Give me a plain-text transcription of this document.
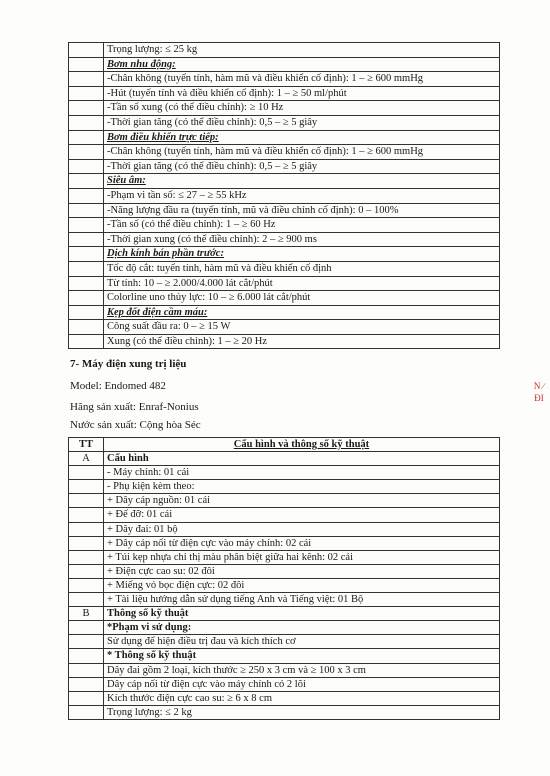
	Trọng lượng: ≤ 25 kg
	Bơm nhu động:
	-Chân không (tuyến tính, hàm mũ và điều khiển cố định): 1 – ≥ 600 mmHg
	-Hút (tuyến tính và điều khiển cố định): 1 – ≥ 50 ml/phút
	-Tần số xung (có thể điều chỉnh): ≥ 10 Hz
	-Thời gian tăng (có thể điều chỉnh): 0,5 – ≥ 5 giây
	Bơm điều khiển trực tiếp:
	-Chân không (tuyến tính, hàm mũ và điều khiển cố định): 1 – ≥ 600 mmHg
	-Thời gian tăng (có thể điều chỉnh): 0,5 – ≥ 5 giây
	Siêu âm:
	-Phạm vi tần số: ≤ 27 – ≥ 55 kHz
	-Năng lượng đầu ra (tuyến tính, mũ và điều chỉnh cố định): 0 – 100%
	-Tần số (có thể điều chỉnh): 1 – ≥ 60 Hz
	-Thời gian xung (có thể điều chỉnh): 2 – ≥ 900 ms
	Dịch kính bán phần trước:
	Tốc độ cắt: tuyến tính, hàm mũ và điều khiển cố định
	Từ tính: 10 – ≥ 2.000/4.000 lát cắt/phút
	Colorline uno thủy lực: 10 – ≥ 6.000 lát cắt/phút
	Kẹp đốt điện cầm máu:
	Công suất đầu ra: 0 – ≥ 15 W
	Xung (có thể điều chỉnh): 1 – ≥ 20 Hz
7- Máy điện xung trị liệu
Model: Endomed 482
Hãng sản xuất: Enraf-Nonius
Nước sản xuất: Cộng hòa Séc
TT	Cấu hình và thông số kỹ thuật
A	Cấu hình
	- Máy chính: 01 cái
	- Phụ kiện kèm theo:
	+ Dây cáp nguồn: 01 cái
	+ Đế đỡ: 01 cái
	+ Dây đai: 01 bộ
	+ Dây cáp nối từ điện cực vào máy chính: 02 cái
	+ Túi kẹp nhựa chỉ thị màu phân biệt giữa hai kênh: 02 cái
	+ Điện cực cao su: 02 đôi
	+ Miếng vỏ bọc điện cực: 02 đôi
	+ Tài liệu hướng dẫn sử dụng tiếng Anh và Tiếng việt: 01 Bộ
B	Thông số kỹ thuật
	*Phạm vi sử dụng:
	Sử dụng để hiện điều trị đau và kích thích cơ
	* Thông số kỹ thuật
	Dây đai gồm 2 loại, kích thước ≥ 250 x 3 cm và ≥ 100 x 3 cm
	Dây cáp nối từ điện cực vào máy chính có 2 lõi
	Kích thước điện cực cao su: ≥ 6 x 8 cm
	Trọng lượng: ≤ 2 kg
N ∕ ĐI
